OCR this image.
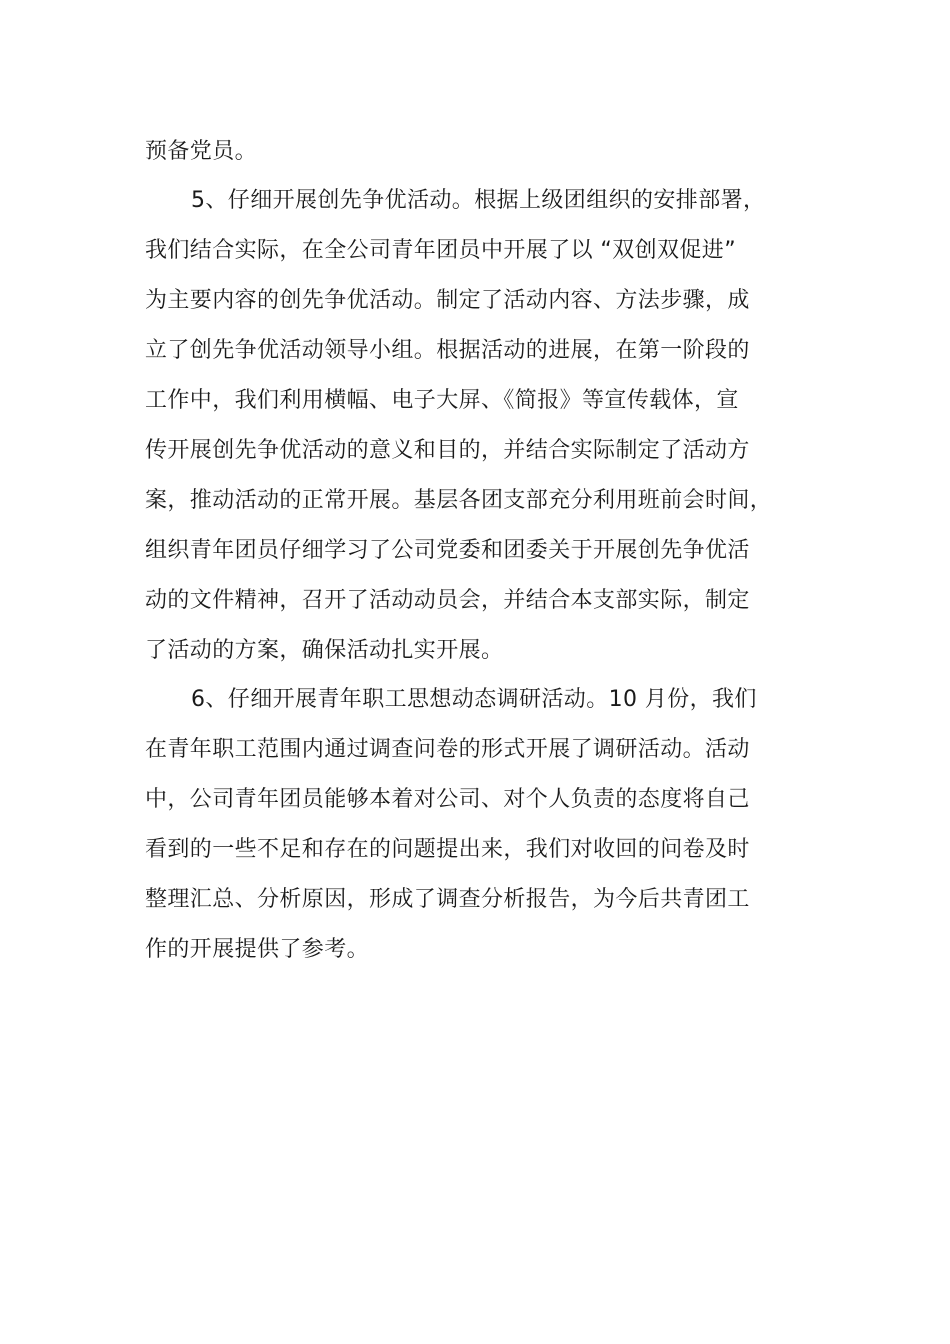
预备党员。
5、仔细开展创先争优活动。根据上级团组织的安排部署，
我们结合实际，在全公司青年团员中开展了以 “双创双促进”
为主要内容的创先争优活动。制定了活动内容、方法步骤，成
立了创先争优活动领导小组。根据活动的进展，在第一阶段的
工作中，我们利用横幅、电子大屏、《简报》等宣传载体，宣
传开展创先争优活动的意义和目的，并结合实际制定了活动方
案，推动活动的正常开展。基层各团支部充分利用班前会时间，
组织青年团员仔细学习了公司党委和团委关于开展创先争优活
动的文件精神，召开了活动动员会，并结合本支部实际，制定
了活动的方案，确保活动扎实开展。
6、仔细开展青年职工思想动态调研活动。10 月份，我们
在青年职工范围内通过调查问卷的形式开展了调研活动。活动
中，公司青年团员能够本着对公司、对个人负责的态度将自己
看到的一些不足和存在的问题提出来，我们对收回的问卷及时
整理汇总、分析原因，形成了调查分析报告，为今后共青团工
作的开展提供了参考。
